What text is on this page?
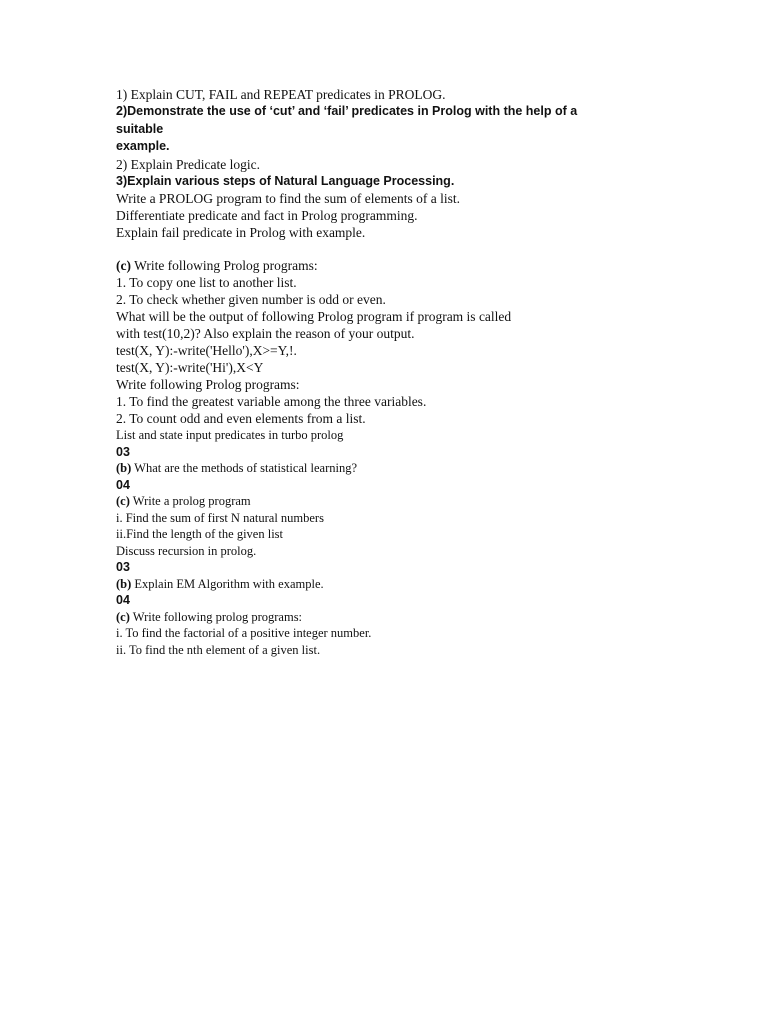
1) Explain CUT, FAIL and REPEAT predicates in PROLOG.
2)Demonstrate the use of ‘cut’ and ‘fail’ predicates in Prolog with the help of a
suitable
example.
2) Explain Predicate logic.
3)Explain various steps of Natural Language Processing.
Write a PROLOG program to find the sum of elements of a list.
Differentiate predicate and fact in Prolog programming.
Explain fail predicate in Prolog with example.
(c) Write following Prolog programs:
1. To copy one list to another list.
2. To check whether given number is odd or even.
What will be the output of following Prolog program if program is called
with test(10,2)? Also explain the reason of your output.
test(X, Y):-write('Hello'),X>=Y,!.
test(X, Y):-write('Hi'),X<Y
Write following Prolog programs:
1. To find the greatest variable among the three variables.
2. To count odd and even elements from a list.
List and state input predicates in turbo prolog
03
(b) What are the methods of statistical learning?
04
(c) Write a prolog program
i. Find the sum of first N natural numbers
ii.Find the length of the given list
Discuss recursion in prolog.
03
(b) Explain EM Algorithm with example.
04
(c) Write following prolog programs:
i. To find the factorial of a positive integer number.
ii. To find the nth element of a given list.
